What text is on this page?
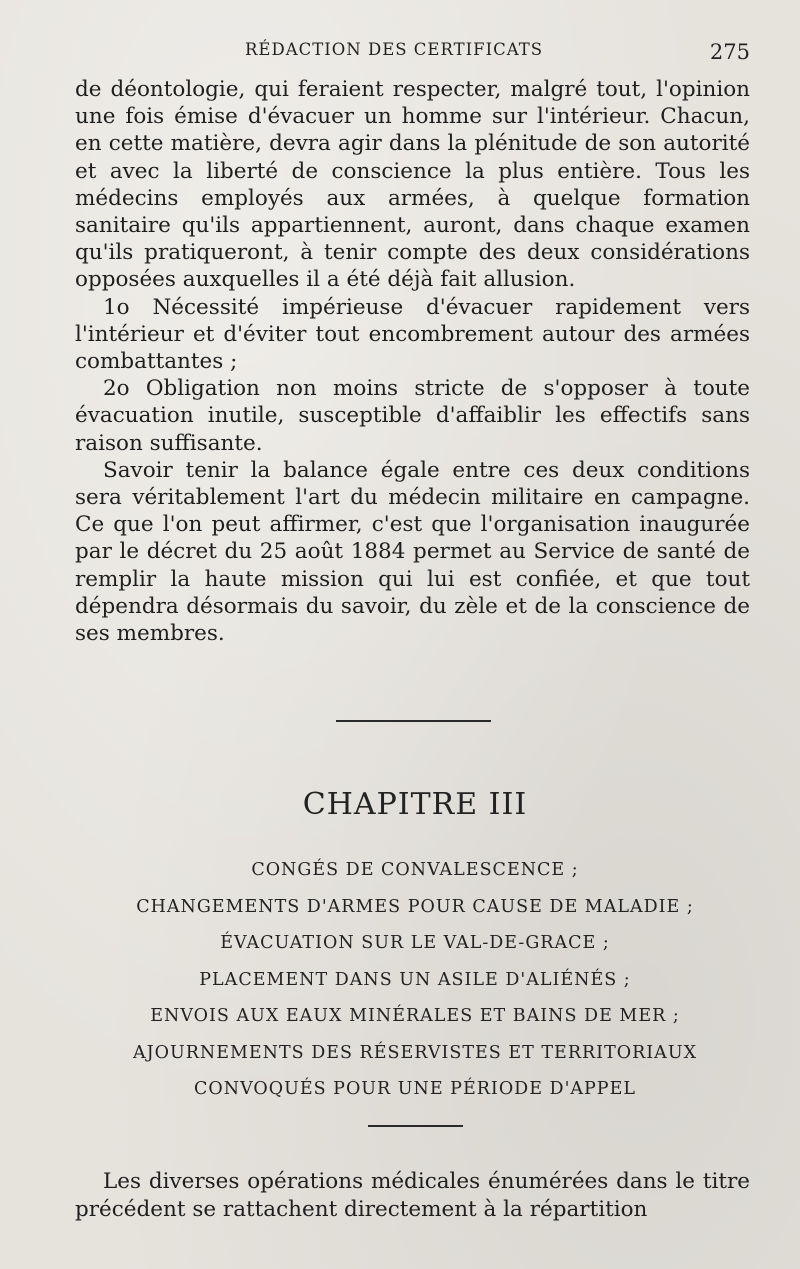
RÉDACTION DES CERTIFICATS	275

de déontologie, qui feraient respecter, malgré tout, l'opinion une fois émise d'évacuer un homme sur l'intérieur. Chacun, en cette matière, devra agir dans la plénitude de son autorité et avec la liberté de conscience la plus entière. Tous les médecins employés aux armées, à quelque formation sanitaire qu'ils appartiennent, auront, dans chaque examen qu'ils pratiqueront, à tenir compte des deux considérations opposées auxquelles il a été déjà fait allusion.

1o Nécessité impérieuse d'évacuer rapidement vers l'intérieur et d'éviter tout encombrement autour des armées combattantes ;

2o Obligation non moins stricte de s'opposer à toute évacuation inutile, susceptible d'affaiblir les effectifs sans raison suffisante.

Savoir tenir la balance égale entre ces deux conditions sera véritablement l'art du médecin militaire en campagne. Ce que l'on peut affirmer, c'est que l'organisation inaugurée par le décret du 25 août 1884 permet au Service de santé de remplir la haute mission qui lui est confiée, et que tout dépendra désormais du savoir, du zèle et de la conscience de ses membres.

CHAPITRE III
CONGÉS DE CONVALESCENCE ;
CHANGEMENTS D'ARMES POUR CAUSE DE MALADIE ;
ÉVACUATION SUR LE VAL-DE-GRACE ;
PLACEMENT DANS UN ASILE D'ALIÉNÉS ;
ENVOIS AUX EAUX MINÉRALES ET BAINS DE MER ;
AJOURNEMENTS DES RÉSERVISTES ET TERRITORIAUX
CONVOQUÉS POUR UNE PÉRIODE D'APPEL

Les diverses opérations médicales énumérées dans le titre précédent se rattachent directement à la répartition
